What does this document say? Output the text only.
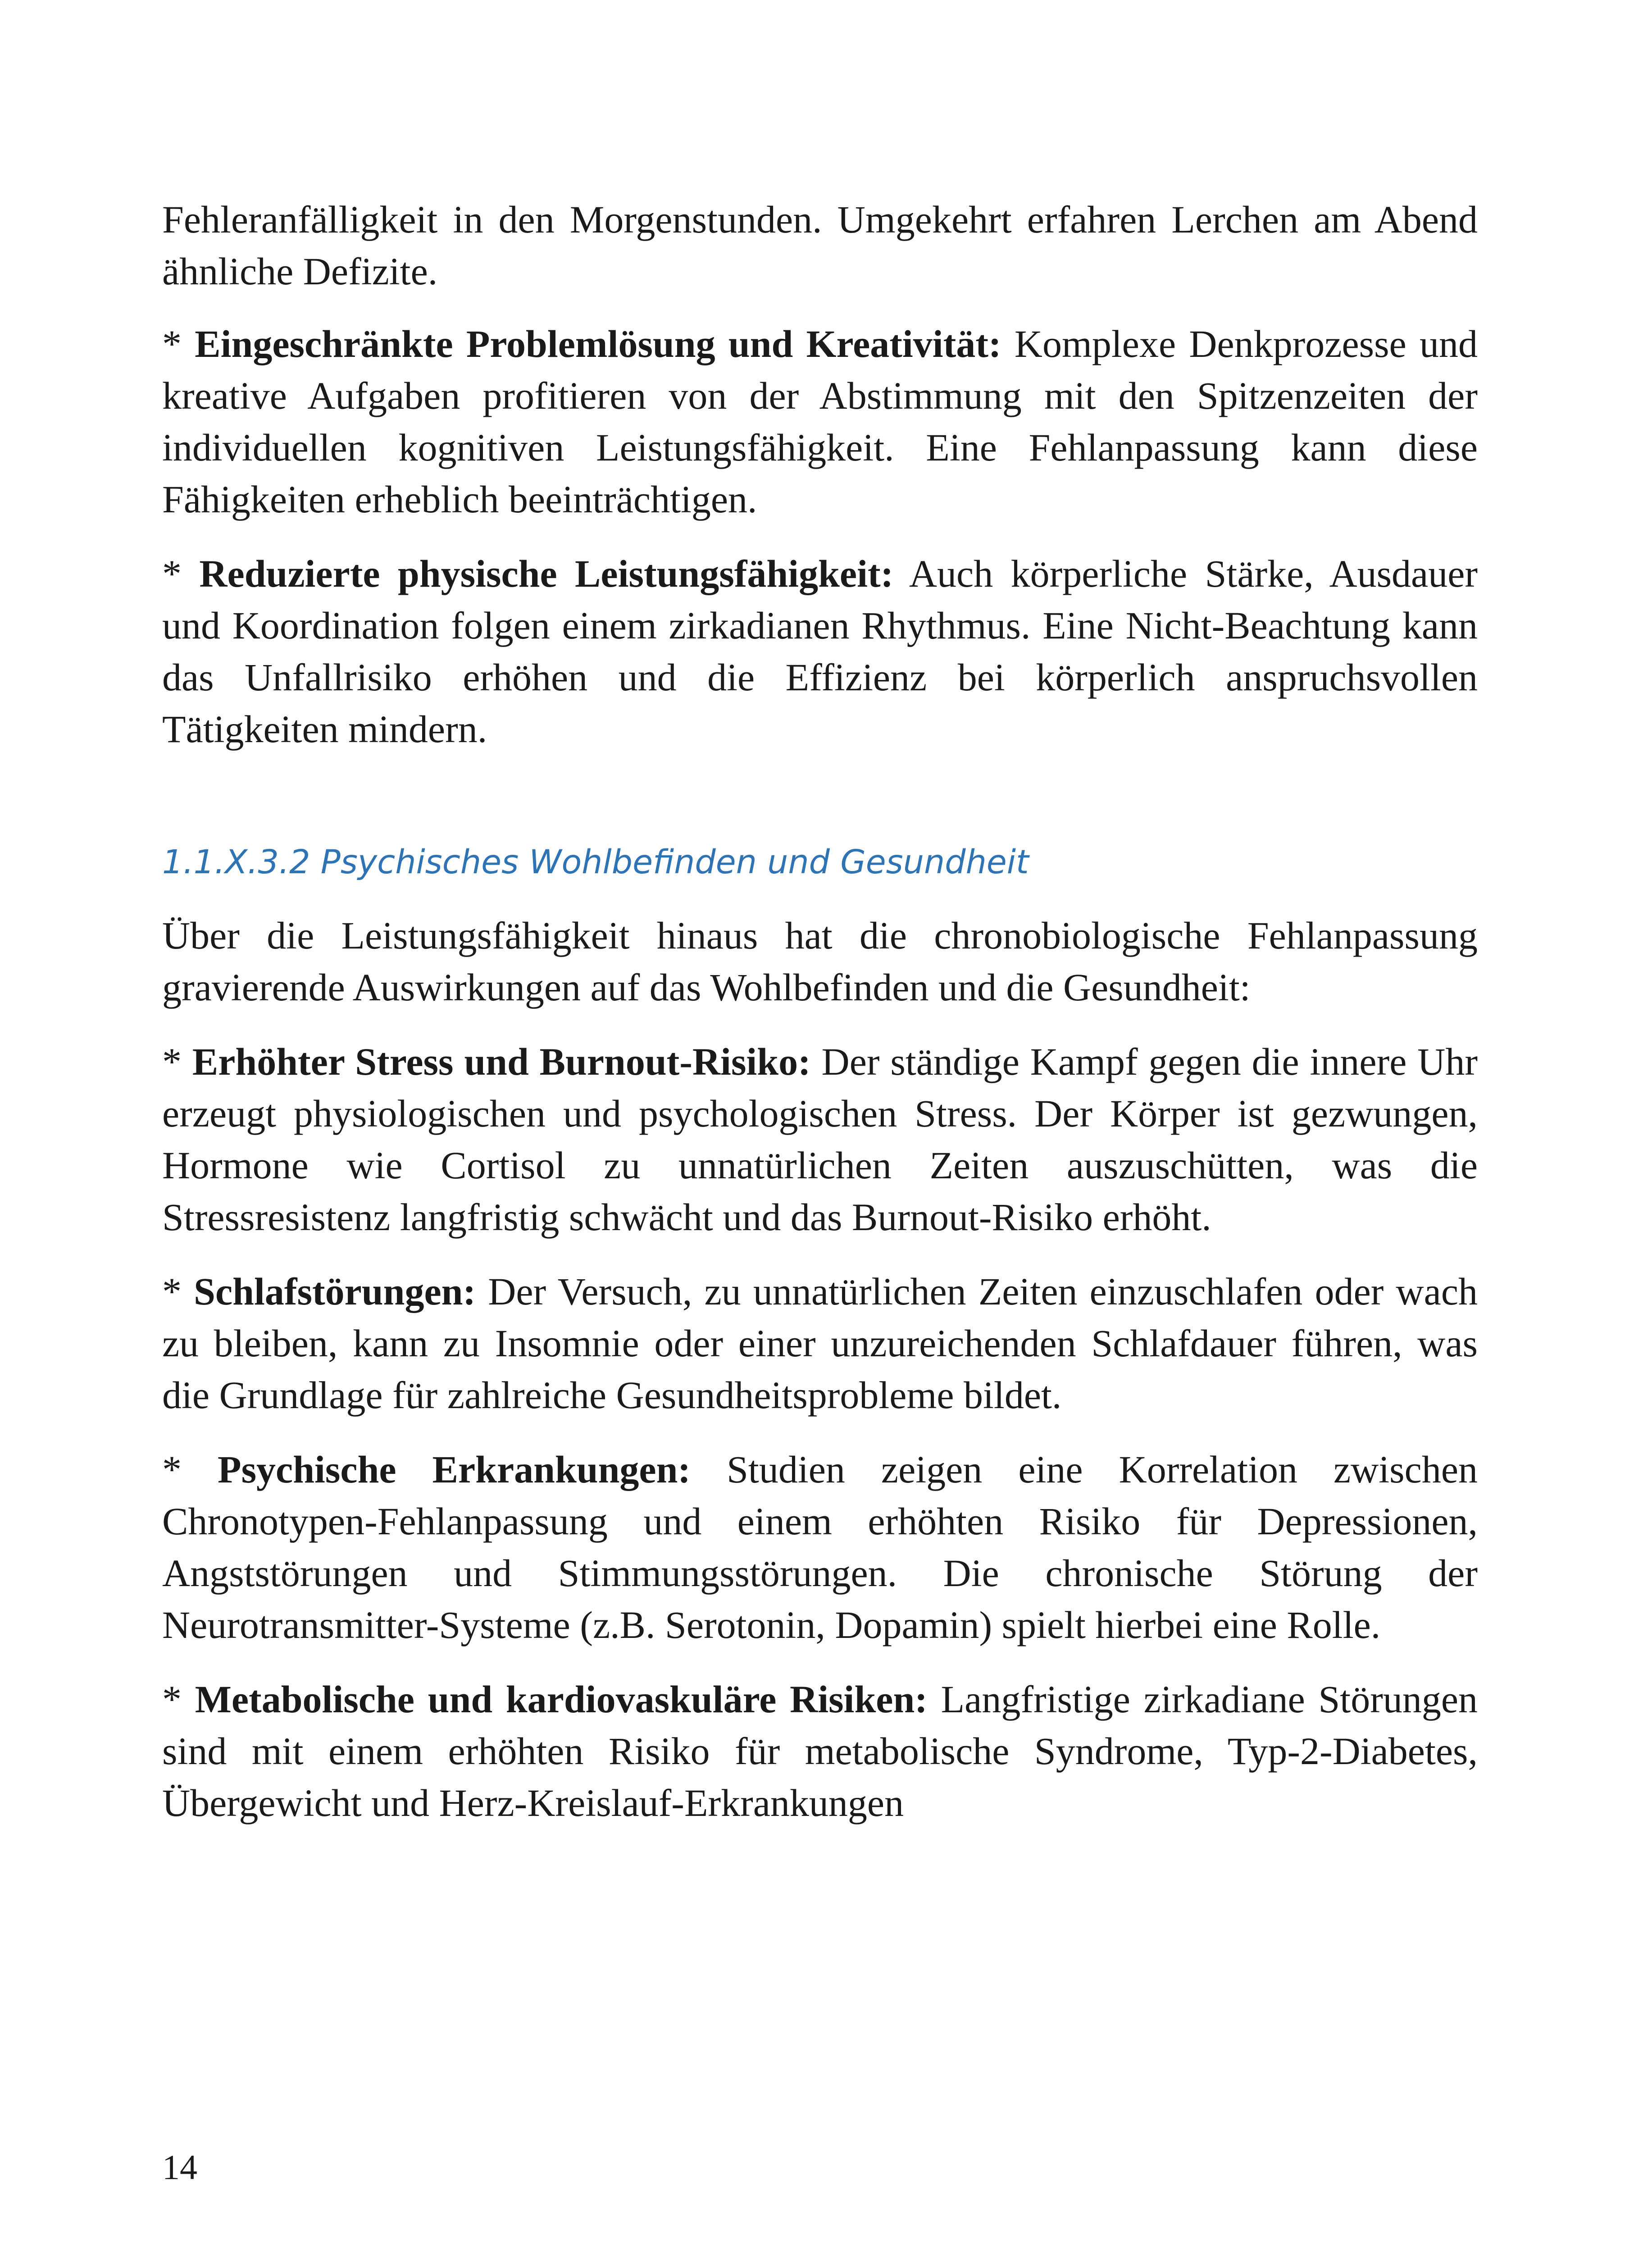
Fehleranfälligkeit in den Morgenstunden. Umgekehrt erfahren Lerchen am Abend ähnliche Defizite.

* Eingeschränkte Problemlösung und Kreativität: Komplexe Denkprozesse und kreative Aufgaben profitieren von der Abstimmung mit den Spitzenzeiten der individuellen kognitiven Leistungsfähigkeit. Eine Fehlanpassung kann diese Fähigkeiten erheblich beeinträchtigen.

* Reduzierte physische Leistungsfähigkeit: Auch körperliche Stärke, Ausdauer und Koordination folgen einem zirkadianen Rhythmus. Eine Nicht-Beachtung kann das Unfallrisiko erhöhen und die Effizienz bei körperlich anspruchsvollen Tätigkeiten mindern.

1.1.X.3.2 Psychisches Wohlbefinden und Gesundheit

Über die Leistungsfähigkeit hinaus hat die chronobiologische Fehlanpassung gravierende Auswirkungen auf das Wohlbefinden und die Gesundheit:

* Erhöhter Stress und Burnout-Risiko: Der ständige Kampf gegen die innere Uhr erzeugt physiologischen und psychologischen Stress. Der Körper ist gezwungen, Hormone wie Cortisol zu unnatürlichen Zeiten auszuschütten, was die Stressresistenz langfristig schwächt und das Burnout-Risiko erhöht.

* Schlafstörungen: Der Versuch, zu unnatürlichen Zeiten einzuschlafen oder wach zu bleiben, kann zu Insomnie oder einer unzureichenden Schlafdauer führen, was die Grundlage für zahlreiche Gesundheitsprobleme bildet.

* Psychische Erkrankungen: Studien zeigen eine Korrelation zwischen Chronotypen-Fehlanpassung und einem erhöhten Risiko für Depressionen, Angststörungen und Stimmungsstörungen. Die chronische Störung der Neurotransmitter-Systeme (z.B. Serotonin, Dopamin) spielt hierbei eine Rolle.

* Metabolische und kardiovaskuläre Risiken: Langfristige zirkadiane Störungen sind mit einem erhöhten Risiko für metabolische Syndrome, Typ-2-Diabetes, Übergewicht und Herz-Kreislauf-Erkrankungen

14
